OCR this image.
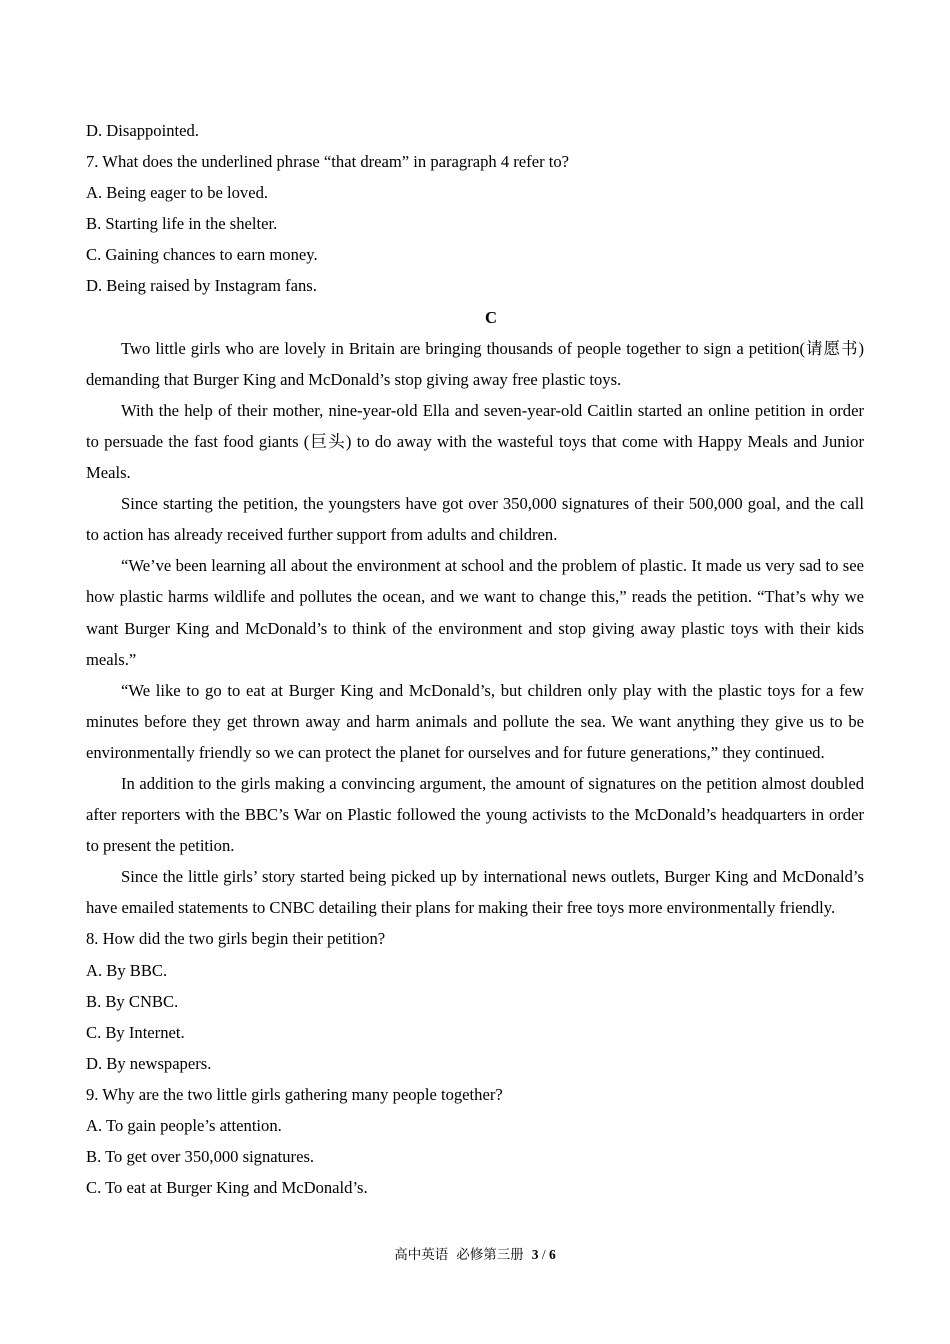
D. Disappointed.
7. What does the underlined phrase “that dream” in paragraph 4 refer to?
A. Being eager to be loved.
B. Starting life in the shelter.
C. Gaining chances to earn money.
D. Being raised by Instagram fans.
C
Two little girls who are lovely in Britain are bringing thousands of people together to sign a petition(请愿书)
demanding that Burger King and McDonald’s stop giving away free plastic toys.
With the help of their mother, nine-year-old Ella and seven-year-old Caitlin started an online petition in order
to persuade the fast food giants (巨头) to do away with the wasteful toys that come with Happy Meals and Junior
Meals.
Since starting the petition, the youngsters have got over 350,000 signatures of their 500,000 goal, and the call
to action has already received further support from adults and children.
“We’ve been learning all about the environment at school and the problem of plastic. It made us very sad to see
how plastic harms wildlife and pollutes the ocean, and we want to change this,” reads the petition. “That’s why we
want Burger King and McDonald’s to think of the environment and stop giving away plastic toys with their kids
meals.”
“We like to go to eat at Burger King and McDonald’s, but children only play with the plastic toys for a few
minutes before they get thrown away and harm animals and pollute the sea. We want anything they give us to be
environmentally friendly so we can protect the planet for ourselves and for future generations,” they continued.
In addition to the girls making a convincing argument, the amount of signatures on the petition almost doubled
after reporters with the BBC’s War on Plastic followed the young activists to the McDonald’s headquarters in order
to present the petition.
Since the little girls’ story started being picked up by international news outlets, Burger King and McDonald’s
have emailed statements to CNBC detailing their plans for making their free toys more environmentally friendly.
8. How did the two girls begin their petition?
A. By BBC.
B. By CNBC.
C. By Internet.
D. By newspapers.
9. Why are the two little girls gathering many people together?
A. To gain people’s attention.
B. To get over 350,000 signatures.
C. To eat at Burger King and McDonald’s.
高中英语 必修第三册 3 / 6
